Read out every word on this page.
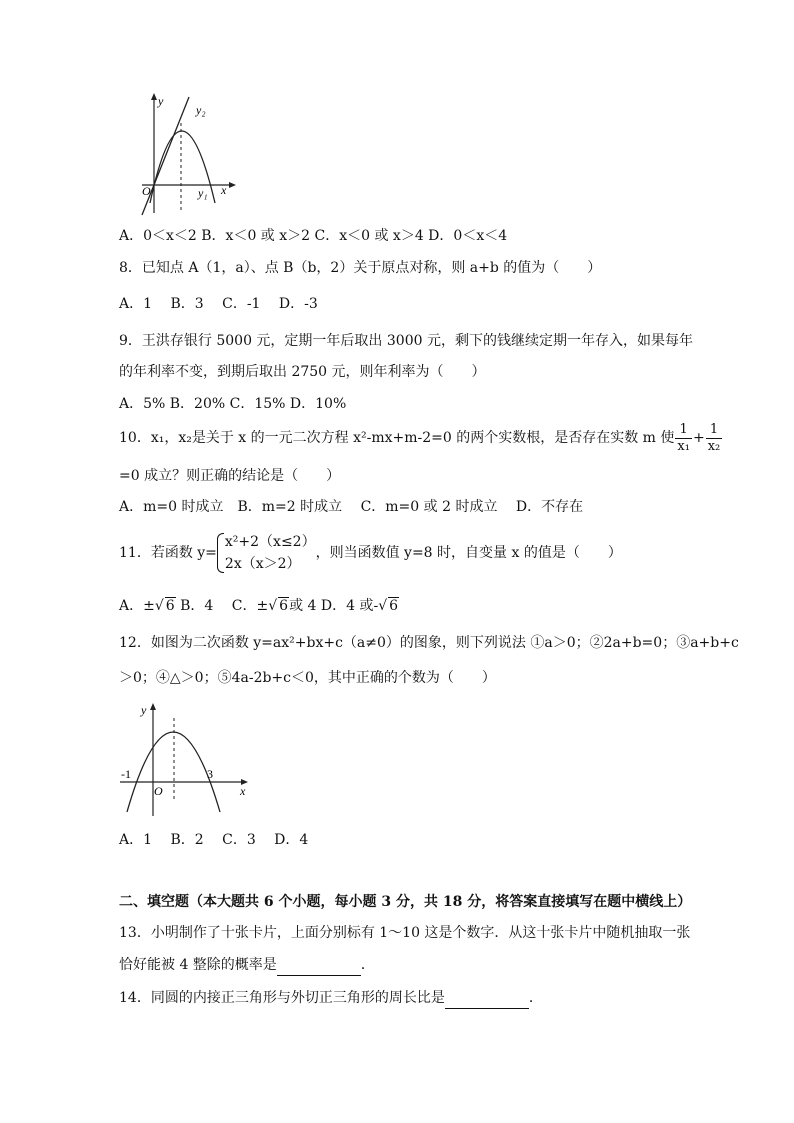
y
x
O
y₂
y₁
A．0＜x＜2 B．x＜0 或 x＞2 C．x＜0 或 x＞4 D．0＜x＜4
8．已知点 A（1，a）、点 B（b，2）关于原点对称，则 a+b 的值为（　　）
A．1　 B．3　 C．-1　 D．-3
9．王洪存银行 5000 元，定期一年后取出 3000 元，剩下的钱继续定期一年存入，如果每年
的年利率不变，到期后取出 2750 元，则年利率为（　　）
A．5% B．20% C．15% D．10%
10．x₁，x₂是关于 x 的一元二次方程 x²-mx+m-2=0 的两个实数根，是否存在实数 m 使 $\frac{1}{\text{x₁}} + \frac{1}{\text{x₂}}$
=0 成立？则正确的结论是（　　）
A．m=0 时成立　B．m=2 时成立　 C．m=0 或 2 时成立　 D．不存在
11．若函数 y=
x²+2（x≤2）
2x（x＞2）
，则当函数值 y=8 时，自变量 x 的值是（　　）
A．±√ 6 B．4　 C．±√ 6或 4 D．4 或-√ 6
12．如图为二次函数 y=ax²+bx+c（a≠0）的图象，则下列说法 ①a＞0；②2a+b=0；③a+b+c
＞0；④△＞0；⑤4a-2b+c＜0，其中正确的个数为（　　）
y
x
O
-1	3
A．1　 B．2　 C．3　 D．4
二、填空题（本大题共 6 个小题，每小题 3 分，共 18 分，将答案直接填写在题中横线上）
13．小明制作了十张卡片，上面分别标有 1～10 这是个数字．从这十张卡片中随机抽取一张
恰好能被 4 整除的概率是	．
14．同圆的内接正三角形与外切正三角形的周长比是	．
